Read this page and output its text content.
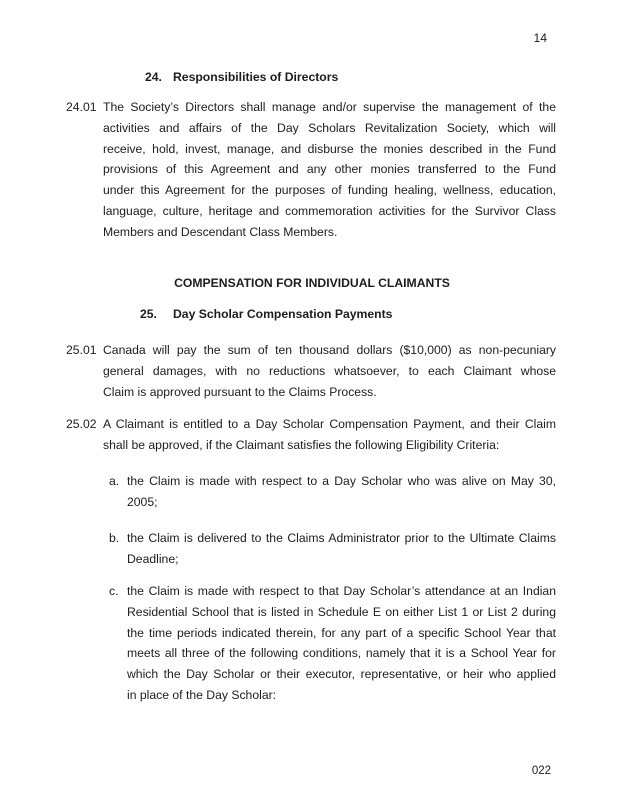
14
24. Responsibilities of Directors
24.01 The Society’s Directors shall manage and/or supervise the management of the
activities and affairs of the Day Scholars Revitalization Society, which will
receive, hold, invest, manage, and disburse the monies described in the Fund
provisions of this Agreement and any other monies transferred to the Fund
under this Agreement for the purposes of funding healing, wellness, education,
language, culture, heritage and commemoration activities for the Survivor Class
Members and Descendant Class Members.
COMPENSATION FOR INDIVIDUAL CLAIMANTS
25. Day Scholar Compensation Payments
25.01 Canada will pay the sum of ten thousand dollars ($10,000) as non-pecuniary
general damages, with no reductions whatsoever, to each Claimant whose
Claim is approved pursuant to the Claims Process.
25.02 A Claimant is entitled to a Day Scholar Compensation Payment, and their Claim
shall be approved, if the Claimant satisfies the following Eligibility Criteria:
a. the Claim is made with respect to a Day Scholar who was alive on May 30,
2005;
b. the Claim is delivered to the Claims Administrator prior to the Ultimate Claims
Deadline;
c. the Claim is made with respect to that Day Scholar’s attendance at an Indian
Residential School that is listed in Schedule E on either List 1 or List 2 during
the time periods indicated therein, for any part of a specific School Year that
meets all three of the following conditions, namely that it is a School Year for
which the Day Scholar or their executor, representative, or heir who applied
in place of the Day Scholar:
022
